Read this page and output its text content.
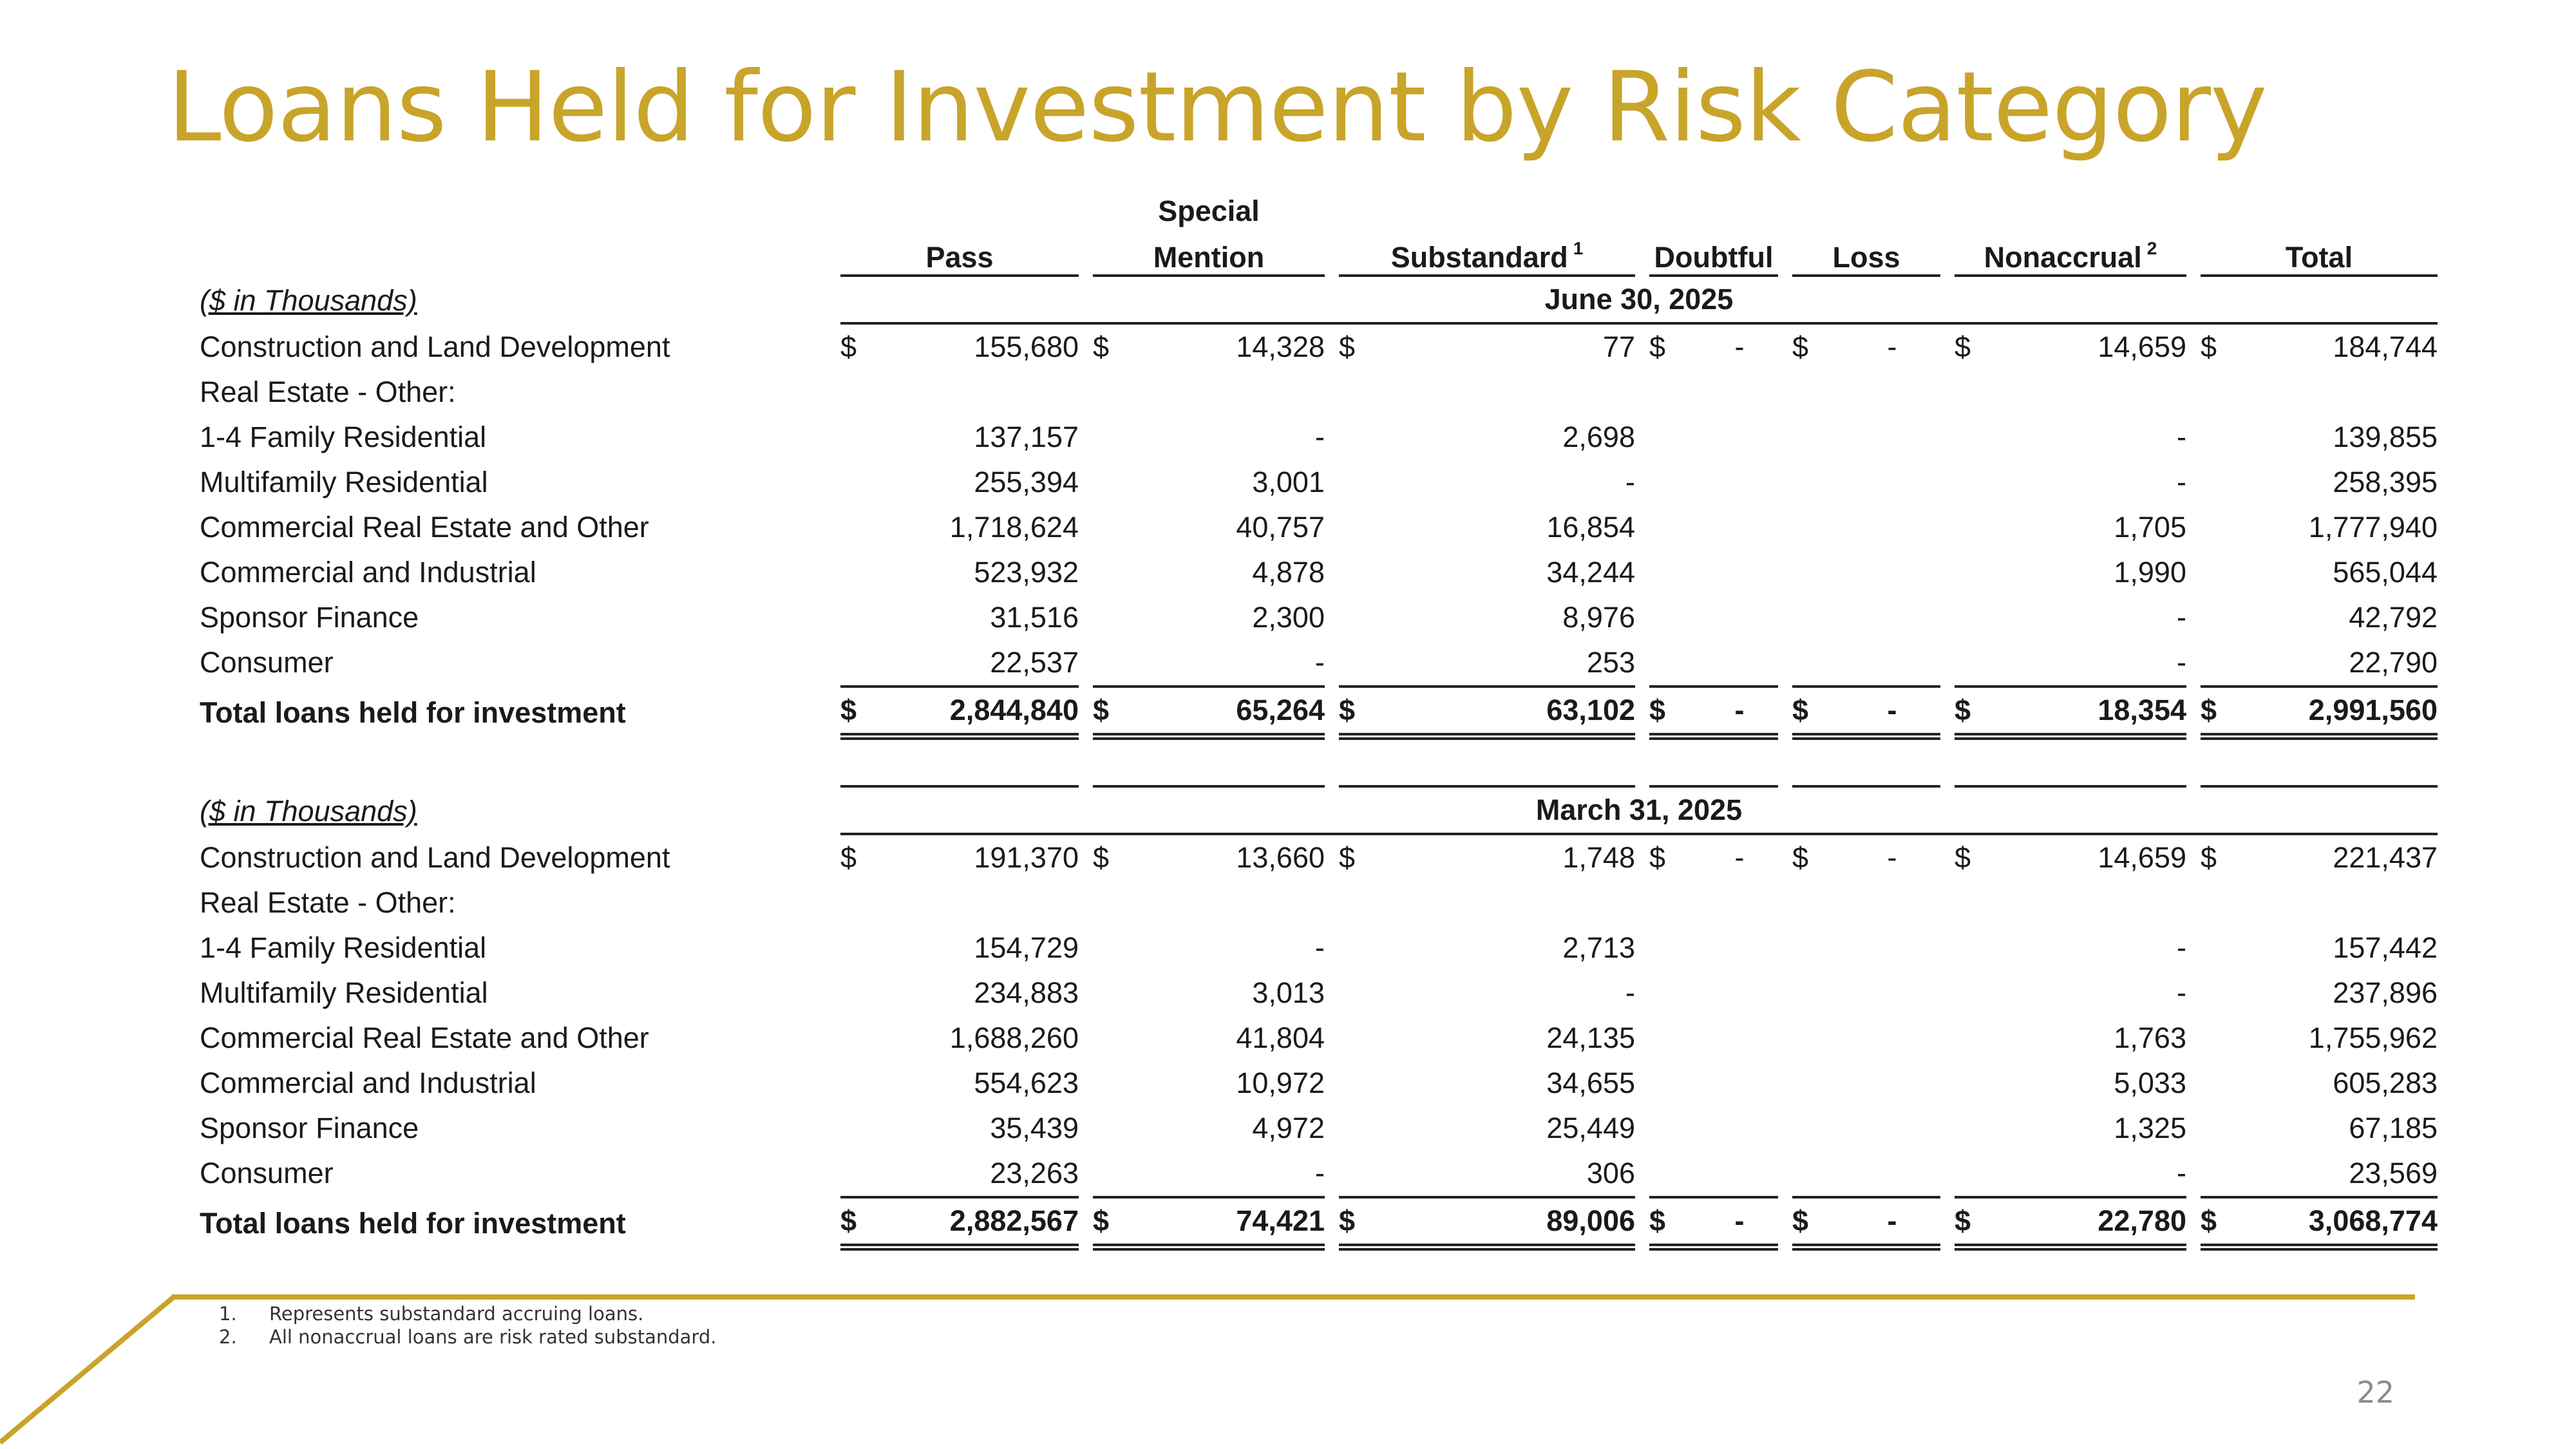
Loans Held for Investment by Risk Category
				Special																
	Pass			Mention			Substandard $^1$			Doubtful			Loss			Nonaccrual $^2$			Total	
($ in Thousands)	June 30, 2025																			
Construction and Land Development	$	155,680		$	14,328		$	77		$	-		$	-		$	14,659		$	184,744
Real Estate - Other:																				
1-4 Family Residential		137,157			-			2,698									-			139,855
Multifamily Residential		255,394			3,001			-									-			258,395
Commercial Real Estate and Other		1,718,624			40,757			16,854									1,705			1,777,940
Commercial and Industrial		523,932			4,878			34,244									1,990			565,044
Sponsor Finance		31,516			2,300			8,976									-			42,792
Consumer		22,537			-			253									-			22,790
Total loans held for investment	$	2,844,840		$	65,264		$	63,102		$	-		$	-		$	18,354		$	2,991,560

($ in Thousands)	March 31, 2025																			
Construction and Land Development	$	191,370		$	13,660		$	1,748		$	-		$	-		$	14,659		$	221,437
Real Estate - Other:																				
1-4 Family Residential		154,729			-			2,713									-			157,442
Multifamily Residential		234,883			3,013			-									-			237,896
Commercial Real Estate and Other		1,688,260			41,804			24,135									1,763			1,755,962
Commercial and Industrial		554,623			10,972			34,655									5,033			605,283
Sponsor Finance		35,439			4,972			25,449									1,325			67,185
Consumer		23,263			-			306									-			23,569
Total loans held for investment	$	2,882,567		$	74,421		$	89,006		$	-		$	-		$	22,780		$	3,068,774
1. Represents substandard accruing loans.
2. All nonaccrual loans are risk rated substandard.
22
